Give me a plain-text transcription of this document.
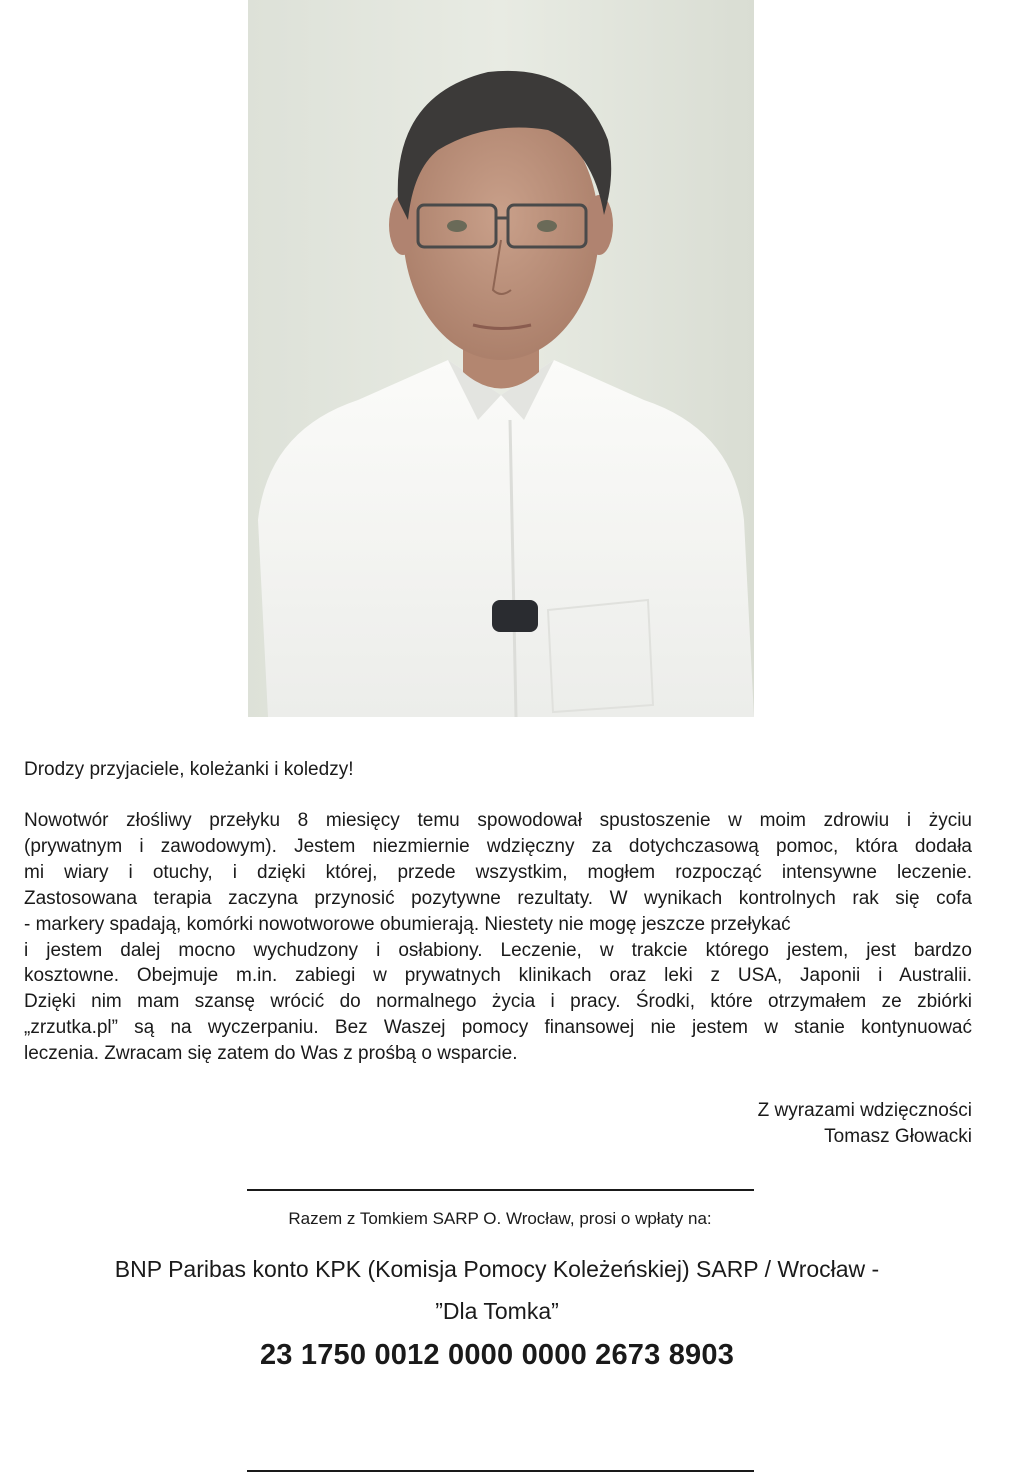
Drodzy przyjaciele, koleżanki i koledzy!
Nowotwór złośliwy przełyku 8 miesięcy temu spowodował spustoszenie w moim zdrowiu i życiu
(prywatnym i zawodowym). Jestem niezmiernie wdzięczny za dotychczasową pomoc, która dodała
mi wiary i otuchy, i dzięki której, przede wszystkim, mogłem rozpocząć intensywne leczenie.
Zastosowana terapia zaczyna przynosić pozytywne rezultaty. W wynikach kontrolnych rak się cofa
- markery spadają, komórki nowotworowe obumierają. Niestety nie mogę jeszcze przełykać
i jestem dalej mocno wychudzony i osłabiony. Leczenie, w trakcie którego jestem, jest bardzo
kosztowne. Obejmuje m.in. zabiegi w prywatnych klinikach oraz leki z USA, Japonii i Australii.
Dzięki nim mam szansę wrócić do normalnego życia i pracy. Środki, które otrzymałem ze zbiórki
„zrzutka.pl” są na wyczerpaniu. Bez Waszej pomocy finansowej nie jestem w stanie kontynuować
leczenia. Zwracam się zatem do Was z prośbą o wsparcie.
Z wyrazami wdzięczności
Tomasz Głowacki
Razem z Tomkiem SARP O. Wrocław, prosi o wpłaty na:
BNP Paribas konto KPK (Komisja Pomocy Koleżeńskiej) SARP / Wrocław -
”Dla Tomka”
23 1750 0012 0000 0000 2673 8903
